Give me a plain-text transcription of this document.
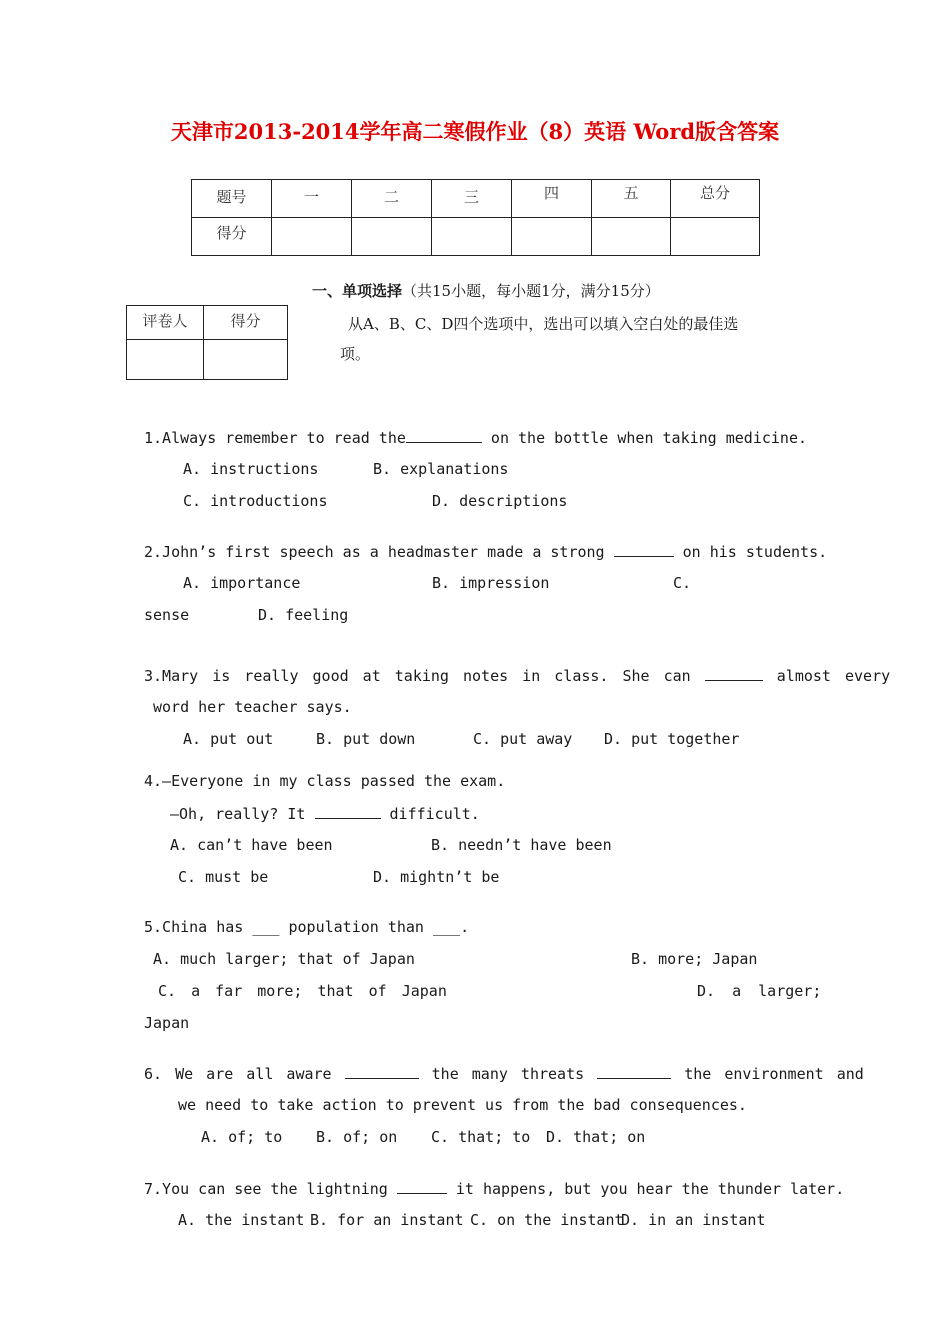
天津市2013-2014学年高二寒假作业（8）英语 Word版含答案
题号	一	二	三	四	五	总分
得分						
一、单项选择（共15小题，每小题1分，满分15分）
评卷人	得分
		从A、B、C、D四个选项中，选出可以填入空白处的最佳选
项。
1.Always remember to read the	on the bottle when taking medicine.
A. instructions	B. explanations
C. introductions	D. descriptions
2.John’s first speech as a headmaster made a strong	on his students.
A. importance	B. impression	C.
sense	D. feeling
3.Mary is really good at taking notes in class. She can	almost every
word her teacher says.
A. put out	B. put down	C. put away D. put together
4.—Everyone in my class passed the exam.
—Oh, really? It	difficult.
A. can’t have been	B. needn’t have been
C. must be	D. mightn’t be
5.China has ___ population than ___.
A. much larger; that of Japan	B. more; Japan
C. a far more; that of Japan	D. a larger;
Japan
6. We are all aware	the many threats	the environment and
we need to take action to prevent us from the bad consequences.
A. of; to B. of; on C. that; to D. that; on
7.You can see the lightning	it happens, but you hear the thunder later.
A. the instant B. for an instant C. on the instant
D. in an instant
